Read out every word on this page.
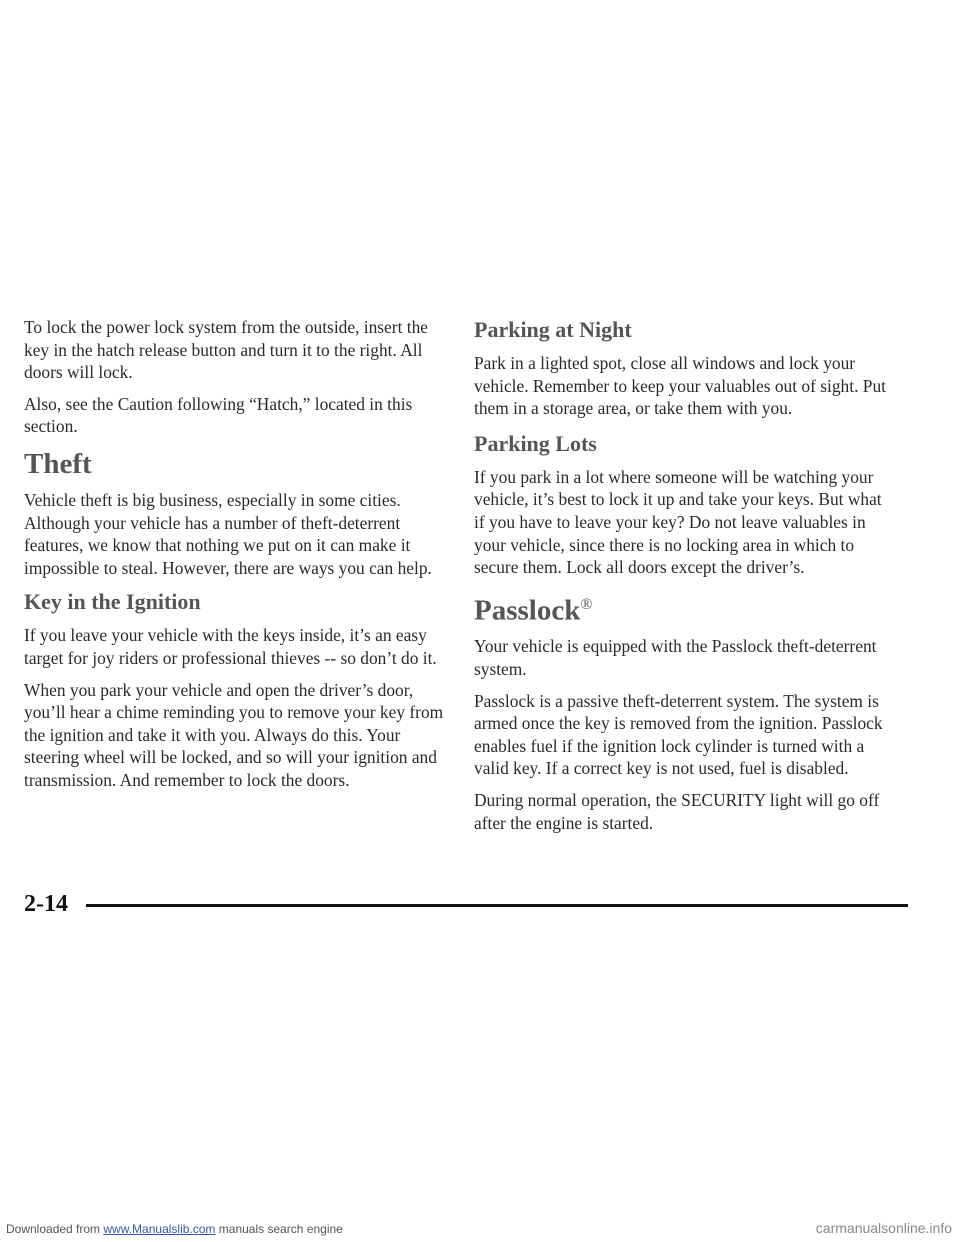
To lock the power lock system from the outside, insert the key in the hatch release button and turn it to the right. All doors will lock.

Also, see the Caution following “Hatch,” located in this section.

Theft

Vehicle theft is big business, especially in some cities. Although your vehicle has a number of theft-deterrent features, we know that nothing we put on it can make it impossible to steal. However, there are ways you can help.

Key in the Ignition

If you leave your vehicle with the keys inside, it’s an easy target for joy riders or professional thieves -- so don’t do it.

When you park your vehicle and open the driver’s door, you’ll hear a chime reminding you to remove your key from the ignition and take it with you. Always do this. Your steering wheel will be locked, and so will your ignition and transmission. And remember to lock the doors.

Parking at Night

Park in a lighted spot, close all windows and lock your vehicle. Remember to keep your valuables out of sight. Put them in a storage area, or take them with you.

Parking Lots

If you park in a lot where someone will be watching your vehicle, it’s best to lock it up and take your keys. But what if you have to leave your key? Do not leave valuables in your vehicle, since there is no locking area in which to secure them. Lock all doors except the driver’s.

Passlock®

Your vehicle is equipped with the Passlock theft-deterrent system.

Passlock is a passive theft-deterrent system. The system is armed once the key is removed from the ignition. Passlock enables fuel if the ignition lock cylinder is turned with a valid key. If a correct key is not used, fuel is disabled.

During normal operation, the SECURITY light will go off after the engine is started.

2-14
Downloaded from www.Manualslib.com manuals search engine	carmanualsonline.info
